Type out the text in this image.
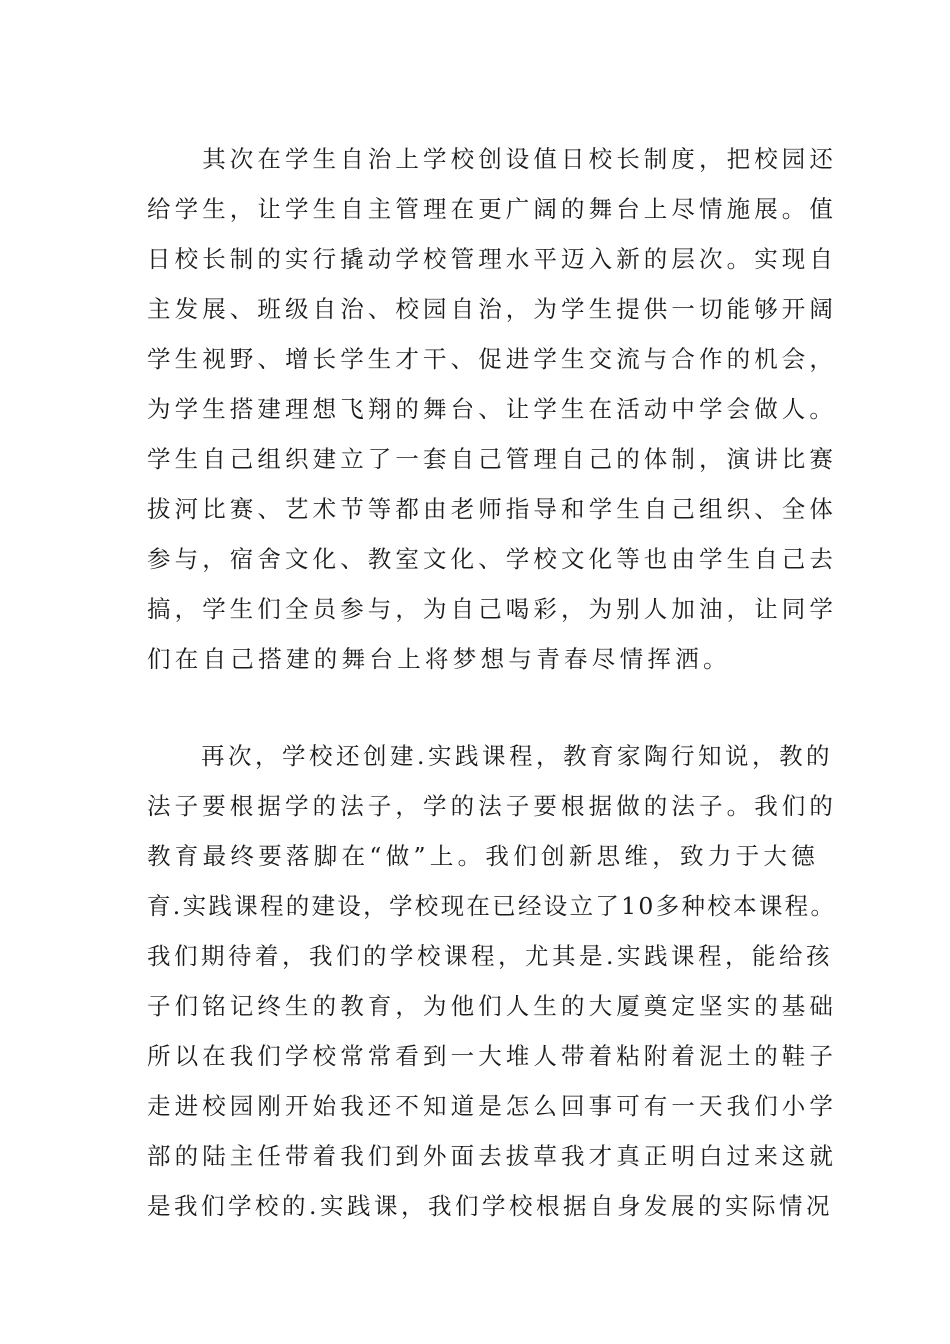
　　其次在学生自治上学校创设值日校长制度，把校园还
给学生，让学生自主管理在更广阔的舞台上尽情施展。值
日校长制的实行撬动学校管理水平迈入新的层次。实现自
主发展、班级自治、校园自治，为学生提供一切能够开阔
学生视野、增长学生才干、促进学生交流与合作的机会，
为学生搭建理想飞翔的舞台、让学生在活动中学会做人。
学生自己组织建立了一套自己管理自己的体制，演讲比赛
拔河比赛、艺术节等都由老师指导和学生自己组织、全体
参与，宿舍文化、教室文化、学校文化等也由学生自己去
搞，学生们全员参与，为自己喝彩，为别人加油，让同学
们在自己搭建的舞台上将梦想与青春尽情挥洒。
　　再次，学校还创建.实践课程，教育家陶行知说，教的
法子要根据学的法子，学的法子要根据做的法子。我们的
教育最终要落脚在“做”上。我们创新思维，致力于大德
育.实践课程的建设，学校现在已经设立了10多种校本课程。
我们期待着，我们的学校课程，尤其是.实践课程，能给孩
子们铭记终生的教育，为他们人生的大厦奠定坚实的基础
所以在我们学校常常看到一大堆人带着粘附着泥土的鞋子
走进校园刚开始我还不知道是怎么回事可有一天我们小学
部的陆主任带着我们到外面去拔草我才真正明白过来这就
是我们学校的.实践课，我们学校根据自身发展的实际情况
